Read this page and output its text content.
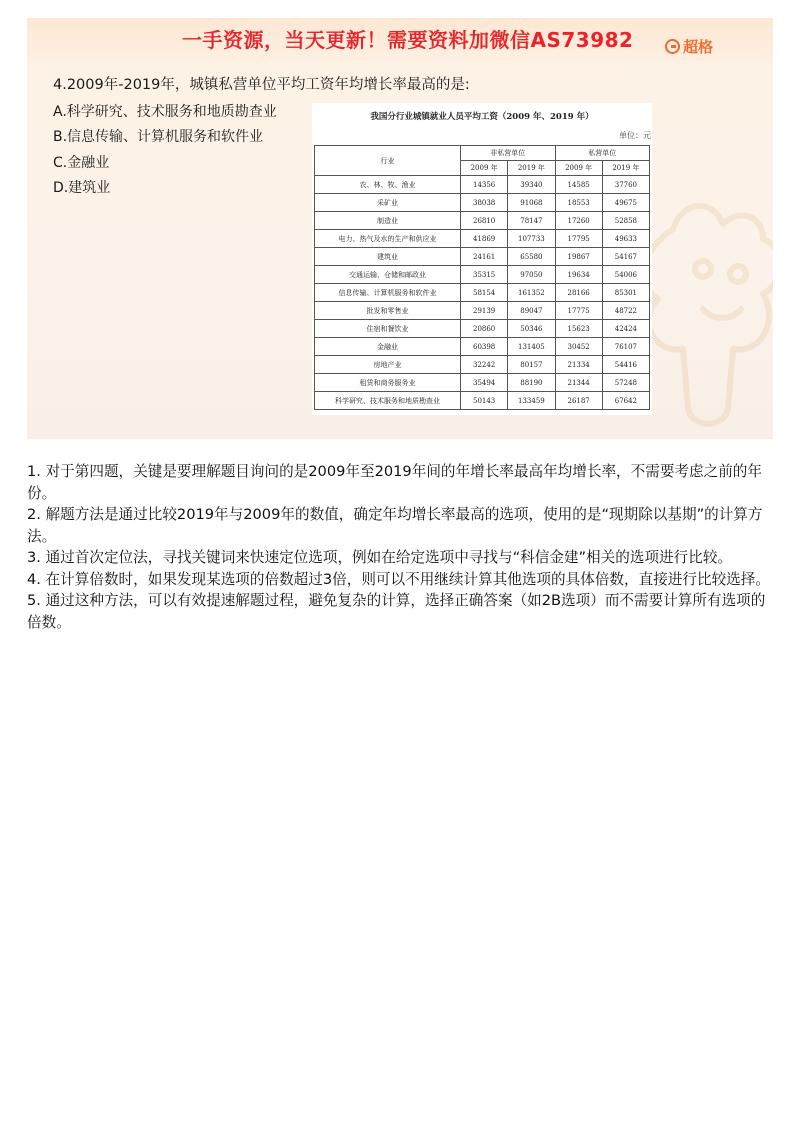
一手资源，当天更新！需要资料加微信AS73982	超格
4.2009年-2019年，城镇私营单位平均工资年均增长率最高的是:
A.科学研究、技术服务和地质勘查业
B.信息传输、计算机服务和软件业
C.金融业
D.建筑业
我国分行业城镇就业人员平均工资（2009 年、2019 年）
单位：元
行业	非私营单位		私营单位	
	2009 年	2019 年	2009 年	2019 年
农、林、牧、渔业	14356	39340	14585	37760
采矿业	38038	91068	18553	49675
制造业	26810	78147	17260	52858
电力、热气及水的生产和供应业	41869	107733	17795	49633
建筑业	24161	65580	19867	54167
交通运输、仓储和邮政业	35315	97050	19634	54006
信息传输、计算机服务和软件业	58154	161352	28166	85301
批发和零售业	29139	89047	17775	48722
住宿和餐饮业	20860	50346	15623	42424
金融业	60398	131405	30452	76107
房地产业	32242	80157	21334	54416
租赁和商务服务业	35494	88190	21344	57248
科学研究、技术服务和地质勘查业	50143	133459	26187	67642

1. 对于第四题，关键是要理解题目询问的是2009年至2019年间的年增长率最高年均增长率，不需要考虑之前的年份。

2. 解题方法是通过比较2019年与2009年的数值，确定年均增长率最高的选项，使用的是“现期除以基期”的计算方法。

3. 通过首次定位法，寻找关键词来快速定位选项，例如在给定选项中寻找与“科信金建”相关的选项进行比较。

4. 在计算倍数时，如果发现某选项的倍数超过3倍，则可以不用继续计算其他选项的具体倍数，直接进行比较选择。

5. 通过这种方法，可以有效提速解题过程，避免复杂的计算，选择正确答案（如2B选项）而不需要计算所有选项的倍数。
